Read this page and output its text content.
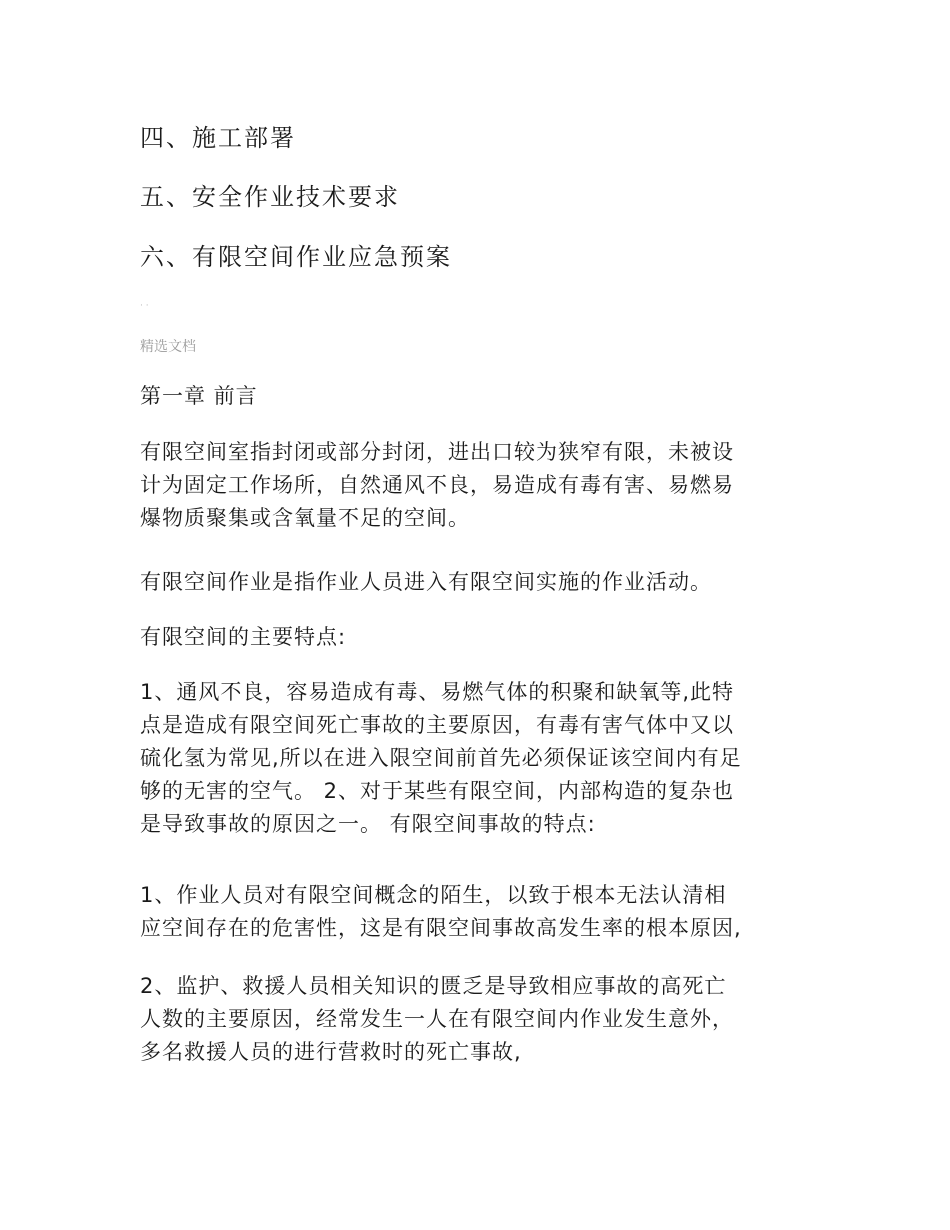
四、施工部署
五、安全作业技术要求
六、有限空间作业应急预案
· ·
精选文档
第一章 前言
有限空间室指封闭或部分封闭，进出口较为狭窄有限，未被设
计为固定工作场所，自然通风不良，易造成有毒有害、易燃易
爆物质聚集或含氧量不足的空间。
有限空间作业是指作业人员进入有限空间实施的作业活动。
有限空间的主要特点:
1、通风不良，容易造成有毒、易燃气体的积聚和缺氧等,此特
点是造成有限空间死亡事故的主要原因，有毒有害气体中又以
硫化氢为常见,所以在进入限空间前首先必须保证该空间内有足
够的无害的空气。 2、对于某些有限空间，内部构造的复杂也
是导致事故的原因之一。 有限空间事故的特点:
1、作业人员对有限空间概念的陌生，以致于根本无法认清相
应空间存在的危害性，这是有限空间事故高发生率的根本原因,
2、监护、救援人员相关知识的匮乏是导致相应事故的高死亡
人数的主要原因，经常发生一人在有限空间内作业发生意外，
多名救援人员的进行营救时的死亡事故,
